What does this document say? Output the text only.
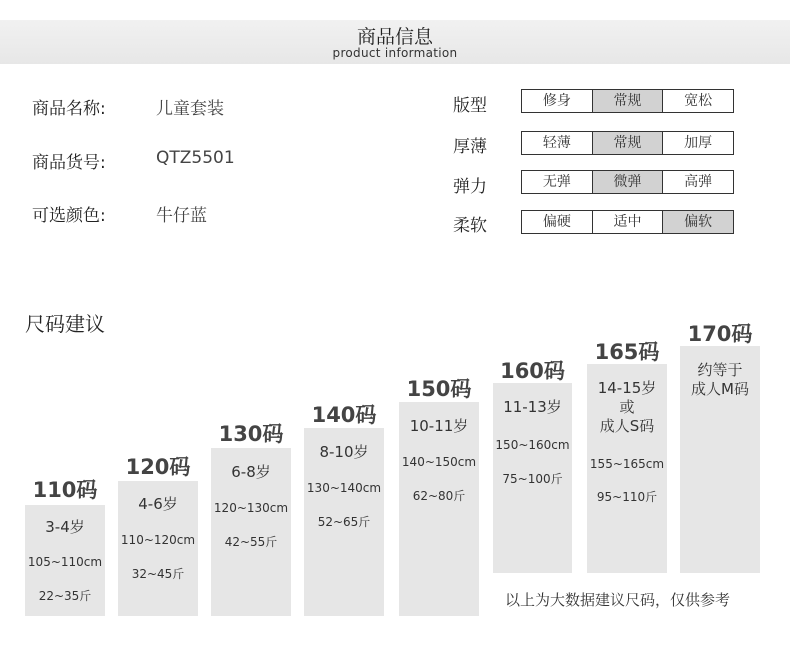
商品信息
product information
商品名称:	儿童套装
商品货号:	QTZ5501
可选颜色:	牛仔蓝
版型	修身	常规	宽松
厚薄	轻薄	常规	加厚
弹力	无弹	微弹	高弹
柔软	偏硬	适中	偏软
尺码建议
110码
3-4岁
105~110cm
22~35斤
120码
4-6岁
110~120cm
32~45斤
130码
6-8岁
120~130cm
42~55斤
140码
8-10岁
130~140cm
52~65斤
150码
10-11岁
140~150cm
62~80斤
160码
11-13岁
150~160cm
75~100斤
165码
14-15岁
或
成人S码
155~165cm
95~110斤
170码
约等于
成人M码
以上为大数据建议尺码，仅供参考
